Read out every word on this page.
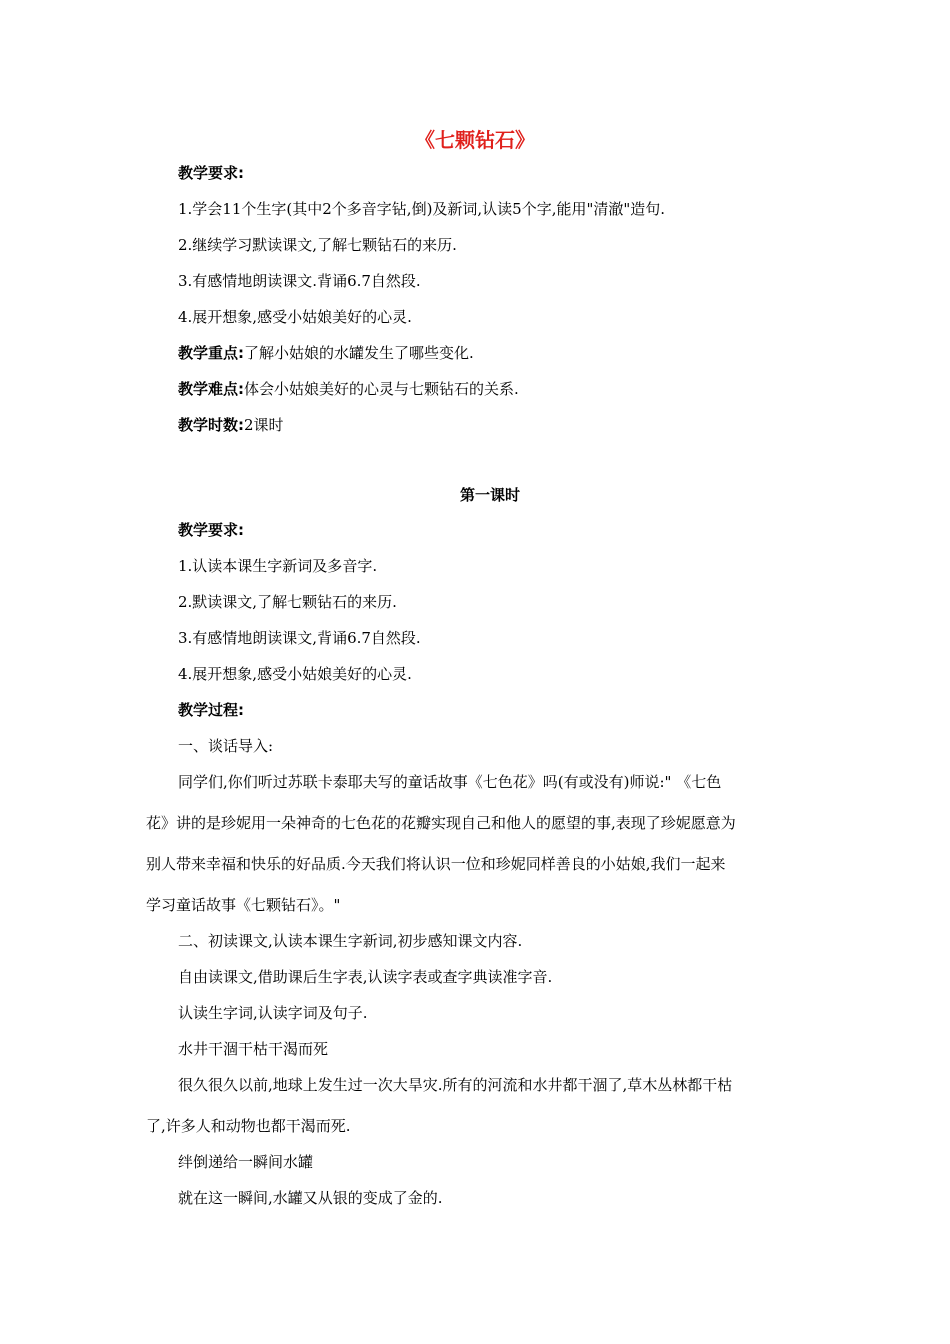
《七颗钻石》
教学要求:
1.学会11个生字(其中2个多音字钻,倒)及新词,认读5个字,能用"清澈"造句.
2.继续学习默读课文,了解七颗钻石的来历.
3.有感情地朗读课文.背诵6.7自然段.
4.展开想象,感受小姑娘美好的心灵.
教学重点:了解小姑娘的水罐发生了哪些变化.
教学难点:体会小姑娘美好的心灵与七颗钻石的关系.
教学时数:2课时
第一课时
教学要求:
1.认读本课生字新词及多音字.
2.默读课文,了解七颗钻石的来历.
3.有感情地朗读课文,背诵6.7自然段.
4.展开想象,感受小姑娘美好的心灵.
教学过程:
一、谈话导入:
同学们,你们听过苏联卡泰耶夫写的童话故事《七色花》吗(有或没有)师说:" 《七色
花》讲的是珍妮用一朵神奇的七色花的花瓣实现自己和他人的愿望的事,表现了珍妮愿意为
别人带来幸福和快乐的好品质.今天我们将认识一位和珍妮同样善良的小姑娘,我们一起来
学习童话故事《七颗钻石》。"
二、初读课文,认读本课生字新词,初步感知课文内容.
自由读课文,借助课后生字表,认读字表或查字典读准字音.
认读生字词,认读字词及句子.
水井干涸干枯干渴而死
很久很久以前,地球上发生过一次大旱灾.所有的河流和水井都干涸了,草木丛林都干枯
了,许多人和动物也都干渴而死.
绊倒递给一瞬间水罐
就在这一瞬间,水罐又从银的变成了金的.
